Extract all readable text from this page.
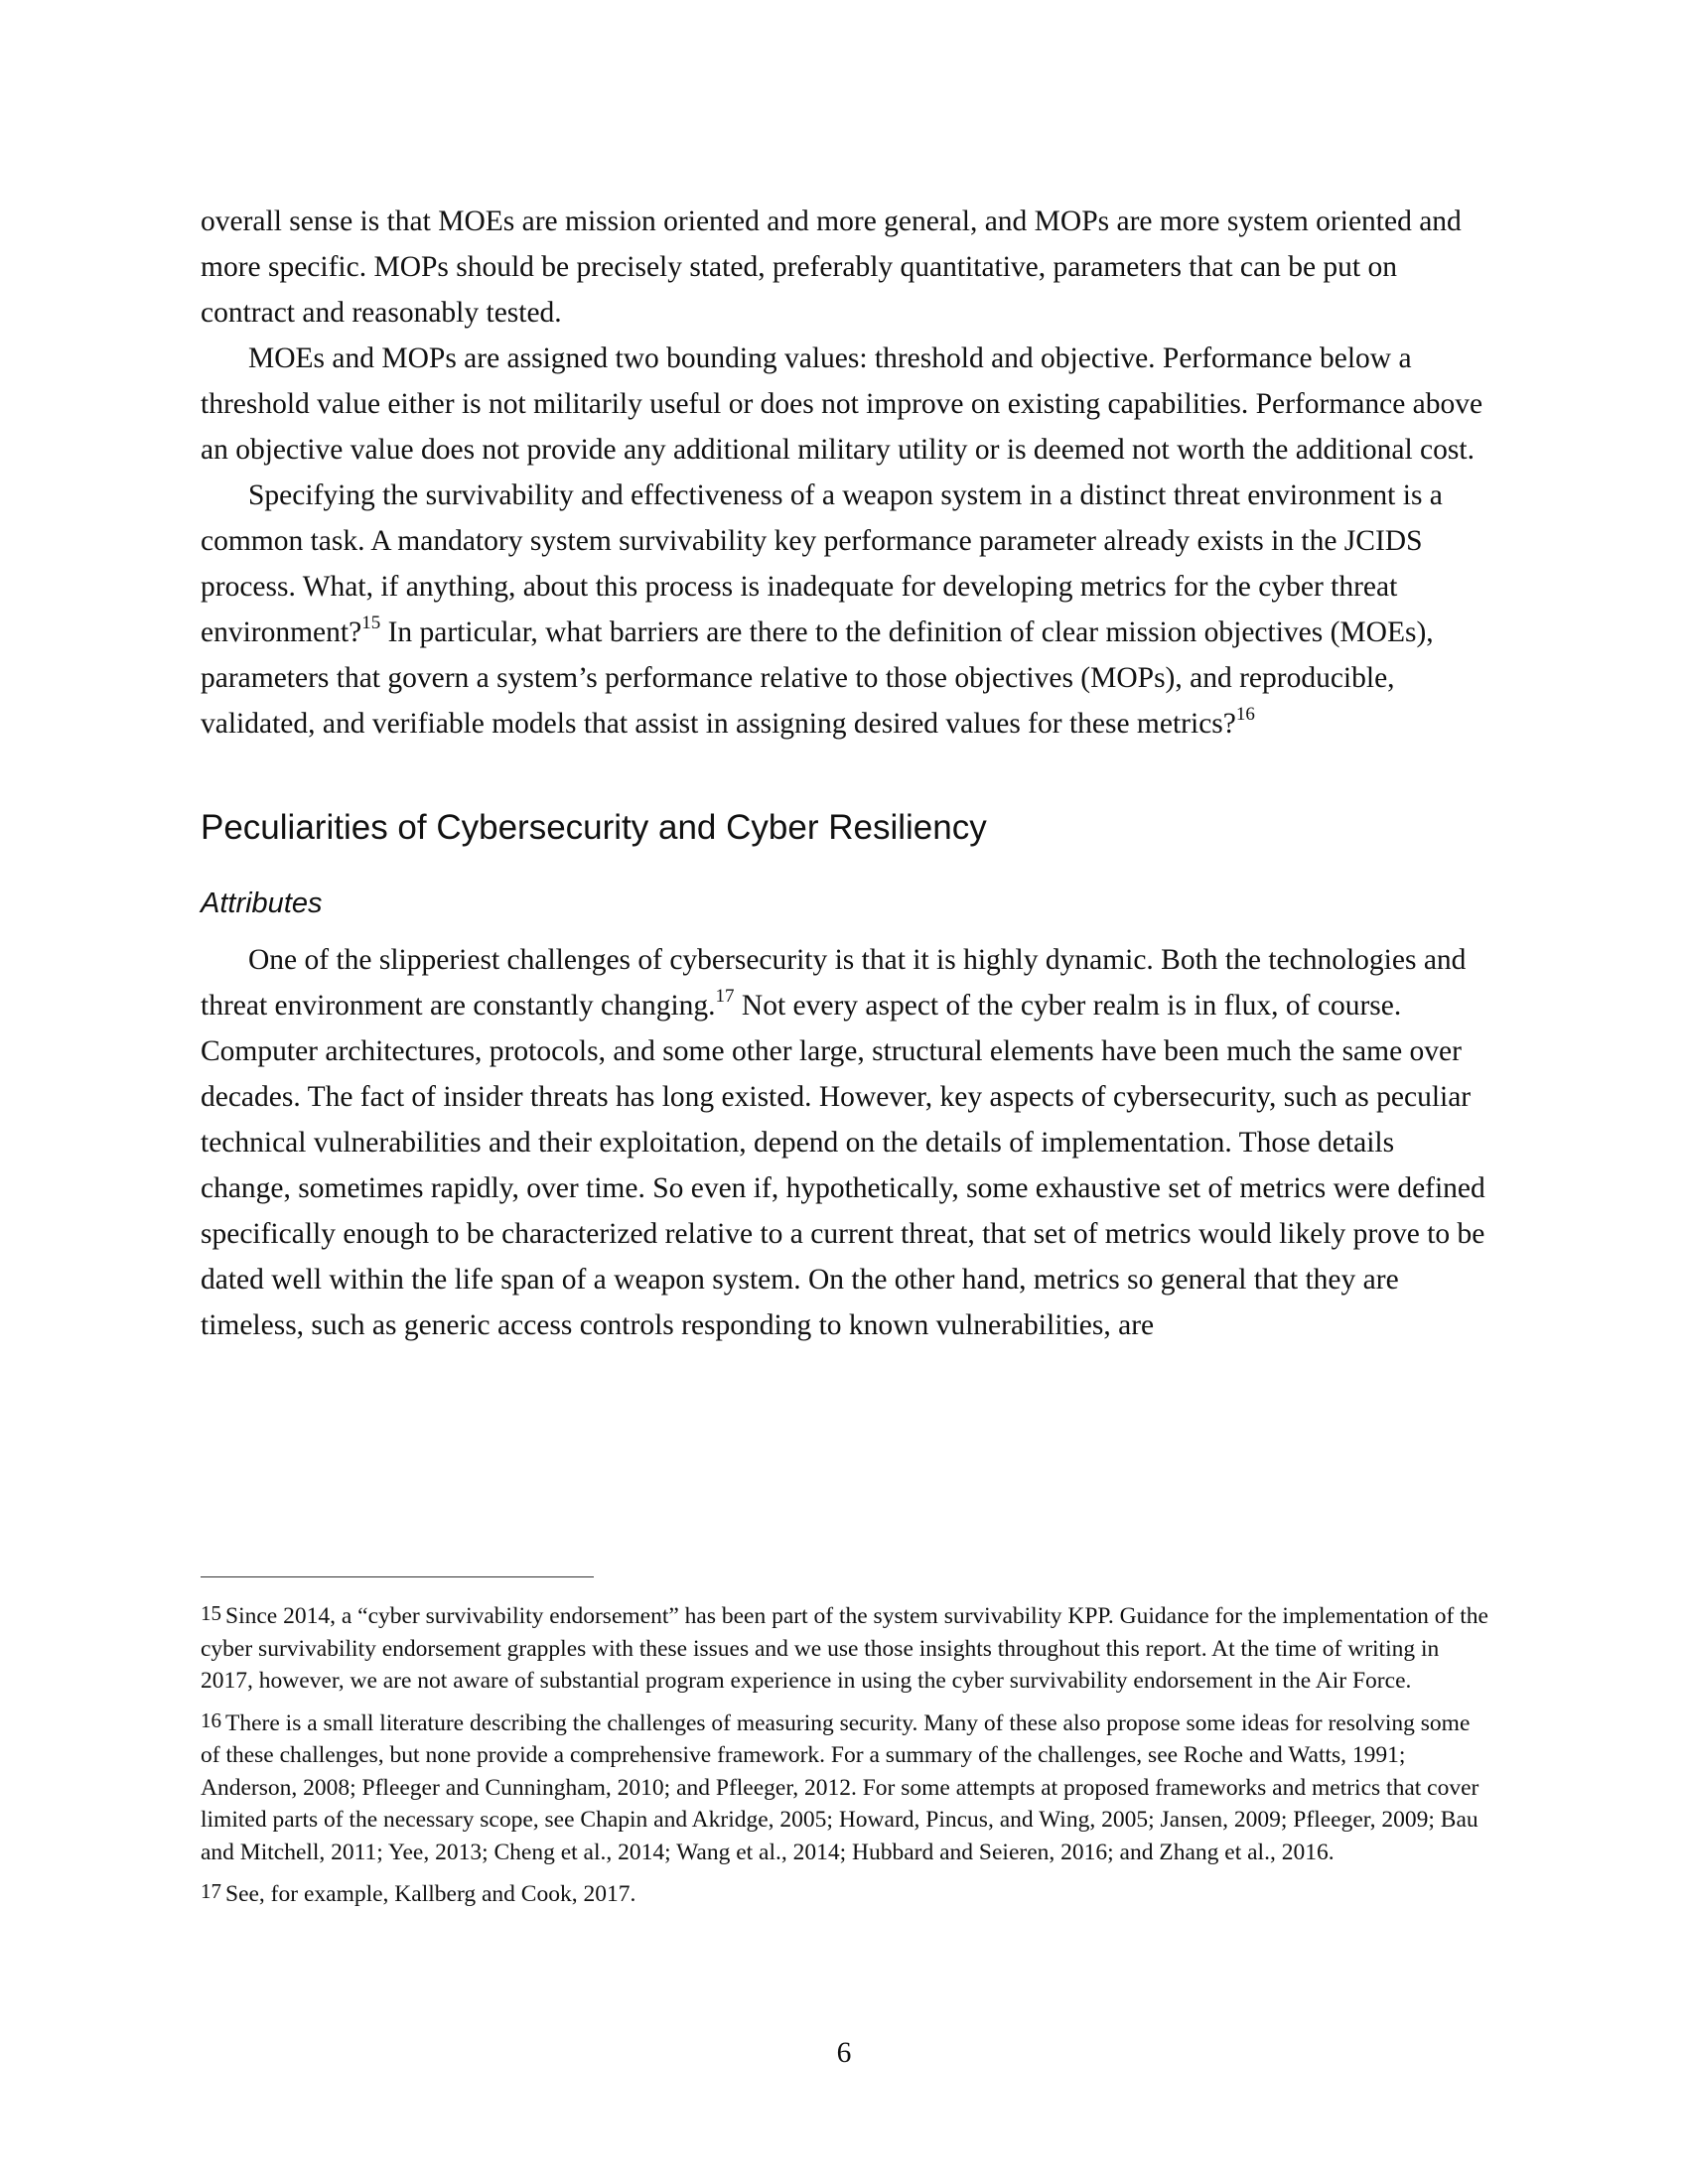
overall sense is that MOEs are mission oriented and more general, and MOPs are more system oriented and more specific. MOPs should be precisely stated, preferably quantitative, parameters that can be put on contract and reasonably tested.

MOEs and MOPs are assigned two bounding values: threshold and objective. Performance below a threshold value either is not militarily useful or does not improve on existing capabilities. Performance above an objective value does not provide any additional military utility or is deemed not worth the additional cost.

Specifying the survivability and effectiveness of a weapon system in a distinct threat environment is a common task. A mandatory system survivability key performance parameter already exists in the JCIDS process. What, if anything, about this process is inadequate for developing metrics for the cyber threat environment?$^{15}$ In particular, what barriers are there to the definition of clear mission objectives (MOEs), parameters that govern a system’s performance relative to those objectives (MOPs), and reproducible, validated, and verifiable models that assist in assigning desired values for these metrics?$^{16}$

Peculiarities of Cybersecurity and Cyber Resiliency
Attributes

One of the slipperiest challenges of cybersecurity is that it is highly dynamic. Both the technologies and threat environment are constantly changing.$^{17}$ Not every aspect of the cyber realm is in flux, of course. Computer architectures, protocols, and some other large, structural elements have been much the same over decades. The fact of insider threats has long existed. However, key aspects of cybersecurity, such as peculiar technical vulnerabilities and their exploitation, depend on the details of implementation. Those details change, sometimes rapidly, over time. So even if, hypothetically, some exhaustive set of metrics were defined specifically enough to be characterized relative to a current threat, that set of metrics would likely prove to be dated well within the life span of a weapon system. On the other hand, metrics so general that they are timeless, such as generic access controls responding to known vulnerabilities, are

15 Since 2014, a “cyber survivability endorsement” has been part of the system survivability KPP. Guidance for the implementation of the cyber survivability endorsement grapples with these issues and we use those insights throughout this report. At the time of writing in 2017, however, we are not aware of substantial program experience in using the cyber survivability endorsement in the Air Force.

16 There is a small literature describing the challenges of measuring security. Many of these also propose some ideas for resolving some of these challenges, but none provide a comprehensive framework. For a summary of the challenges, see Roche and Watts, 1991; Anderson, 2008; Pfleeger and Cunningham, 2010; and Pfleeger, 2012. For some attempts at proposed frameworks and metrics that cover limited parts of the necessary scope, see Chapin and Akridge, 2005; Howard, Pincus, and Wing, 2005; Jansen, 2009; Pfleeger, 2009; Bau and Mitchell, 2011; Yee, 2013; Cheng et al., 2014; Wang et al., 2014; Hubbard and Seieren, 2016; and Zhang et al., 2016.

17 See, for example, Kallberg and Cook, 2017.

6
